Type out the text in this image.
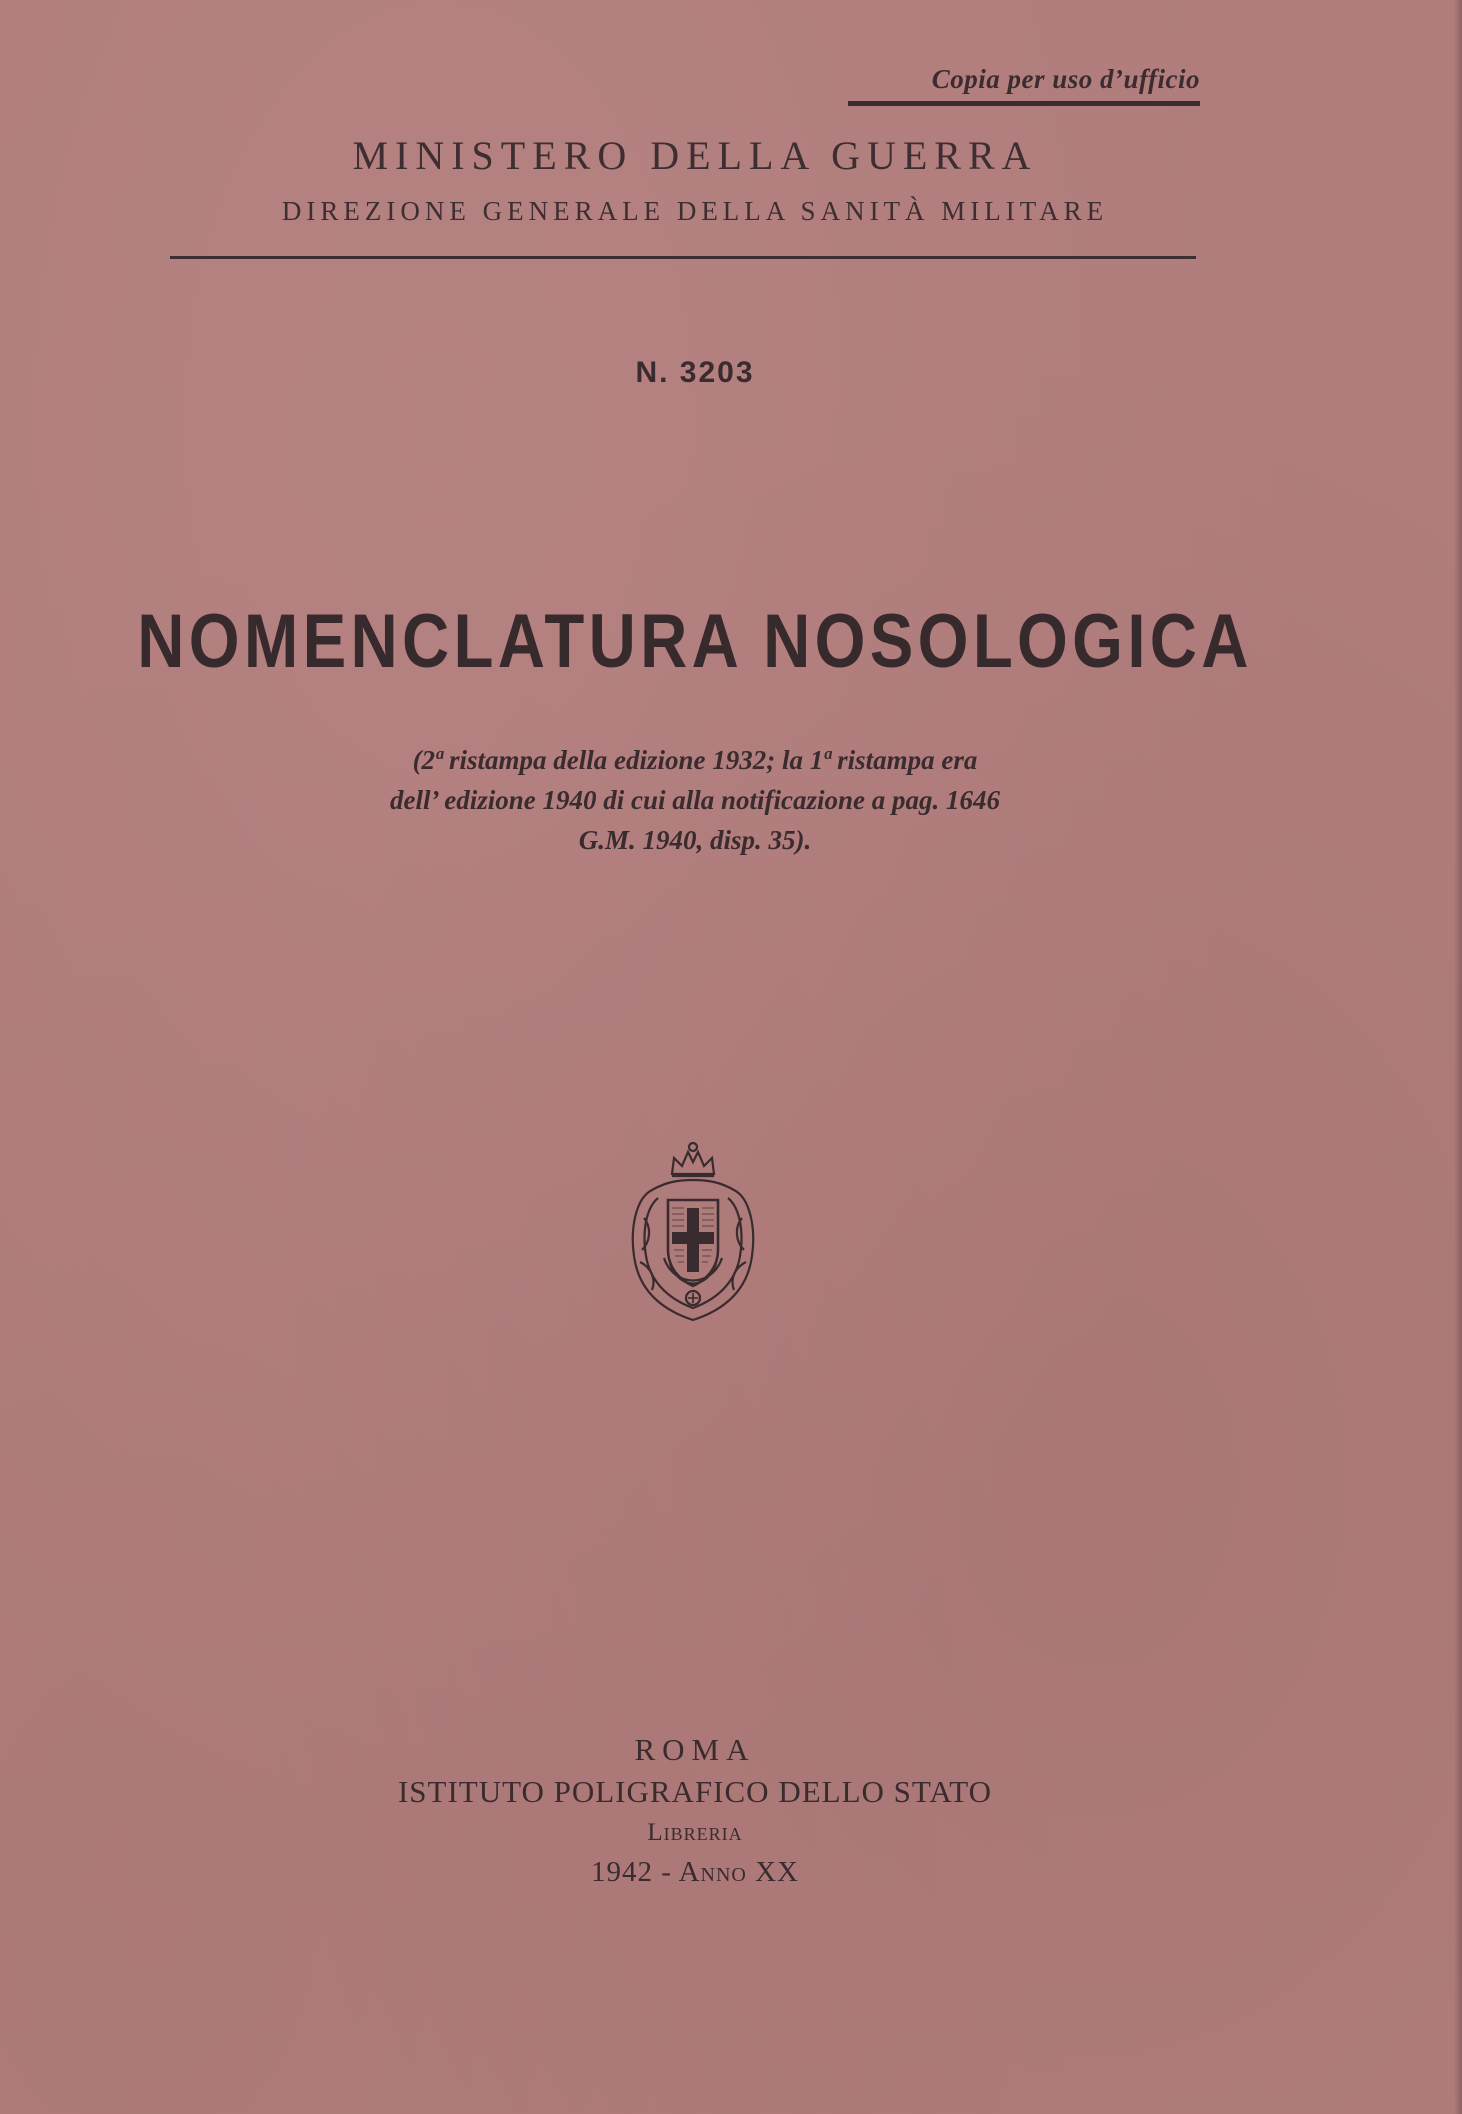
Copia per uso d’ufficio
MINISTERO DELLA GUERRA
DIREZIONE GENERALE DELLA SANITÀ MILITARE
N. 3203
NOMENCLATURA NOSOLOGICA
(2ª ristampa della edizione 1932; la 1ª ristampa era
dell’ edizione 1940 di cui alla notificazione a pag. 1646
G.M. 1940, disp. 35).
ROMA
ISTITUTO POLIGRAFICO DELLO STATO
Libreria
1942 - Anno XX
